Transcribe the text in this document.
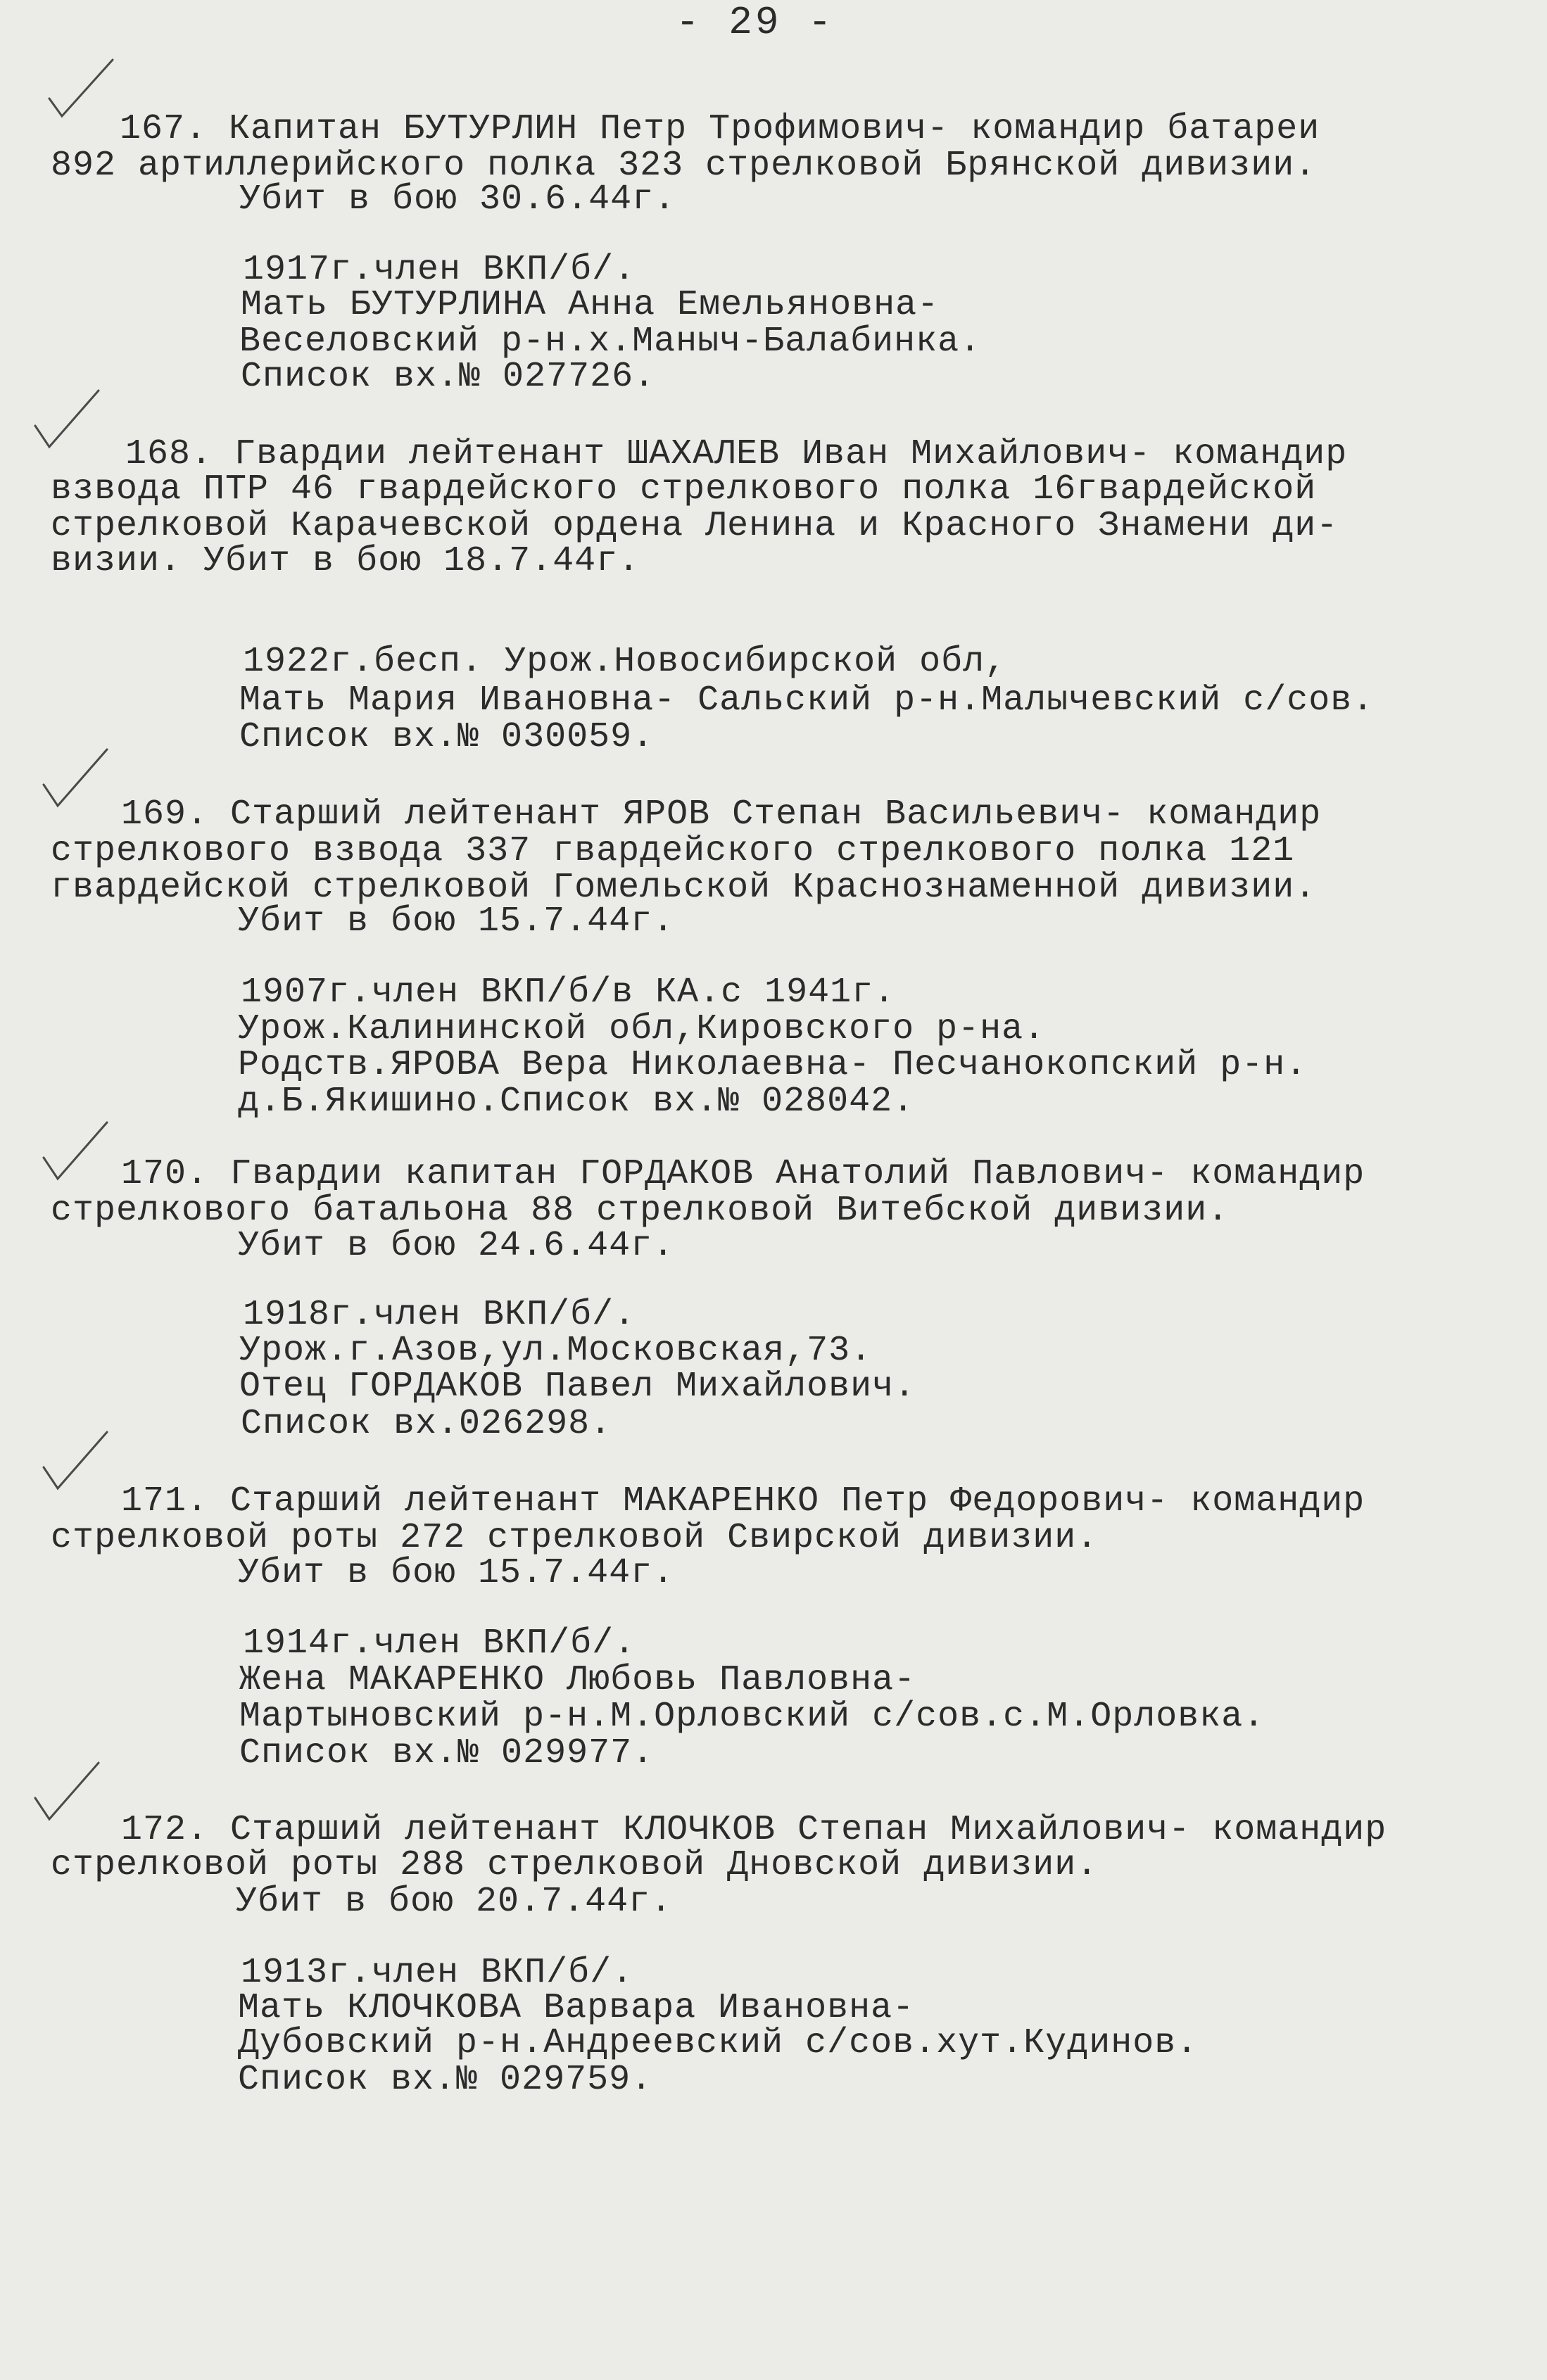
- 29 -
167. Капитан БУТУРЛИН Петр Трофимович- командир батареи
892 артиллерийского полка 323 стрелковой Брянской дивизии.
Убит в бою 30.6.44г.
1917г.член ВКП/б/.
Мать БУТУРЛИНА Анна Емельяновна-
Веселовский р-н.х.Маныч-Балабинка.
Список вх.№ 027726.
168. Гвардии лейтенант ШАХАЛЕВ Иван Михайлович- командир
взвода ПТР 46 гвардейского стрелкового полка 16гвардейской
стрелковой Карачевской ордена Ленина и Красного Знамени ди-
визии. Убит в бою 18.7.44г.
1922г.беcп. Урож.Новосибирской обл,
Мать Мария Ивановна- Сальский р-н.Малычевский с/сов.
Список вх.№ 030059.
169. Старший лейтенант ЯРОВ Степан Васильевич- командир
стрелкового взвода 337 гвардейского стрелкового полка 121
гвардейской стрелковой Гомельской Краснознаменной дивизии.
Убит в бою 15.7.44г.
1907г.член ВКП/б/в КА.с 1941г.
Урож.Калининской обл,Кировского р-на.
Родств.ЯРОВА Вера Николаевна- Песчанокопский р-н.
д.Б.Якишино.Список вх.№ 028042.
170. Гвардии капитан ГОРДАКОВ Анатолий Павлович- командир
стрелкового батальона 88 стрелковой Витебской дивизии.
Убит в бою 24.6.44г.
1918г.член ВКП/б/.
Урож.г.Азов,ул.Московская,73.
Отец ГОРДАКОВ Павел Михайлович.
Список вх.026298.
171. Старший лейтенант МАКАРЕНКО Петр Федорович- командир
стрелковой роты 272 стрелковой Свирской дивизии.
Убит в бою 15.7.44г.
1914г.член ВКП/б/.
Жена МАКАРЕНКО Любовь Павловна-
Мартыновский р-н.М.Орловский с/сов.с.М.Орловка.
Список вх.№ 029977.
172. Старший лейтенант КЛОЧКОВ Степан Михайлович- командир
стрелковой роты 288 стрелковой Дновской дивизии.
Убит в бою 20.7.44г.
1913г.член ВКП/б/.
Мать КЛОЧКОВА Варвара Ивановна-
Дубовский р-н.Андреевский с/сов.хут.Кудинов.
Список вх.№ 029759.
